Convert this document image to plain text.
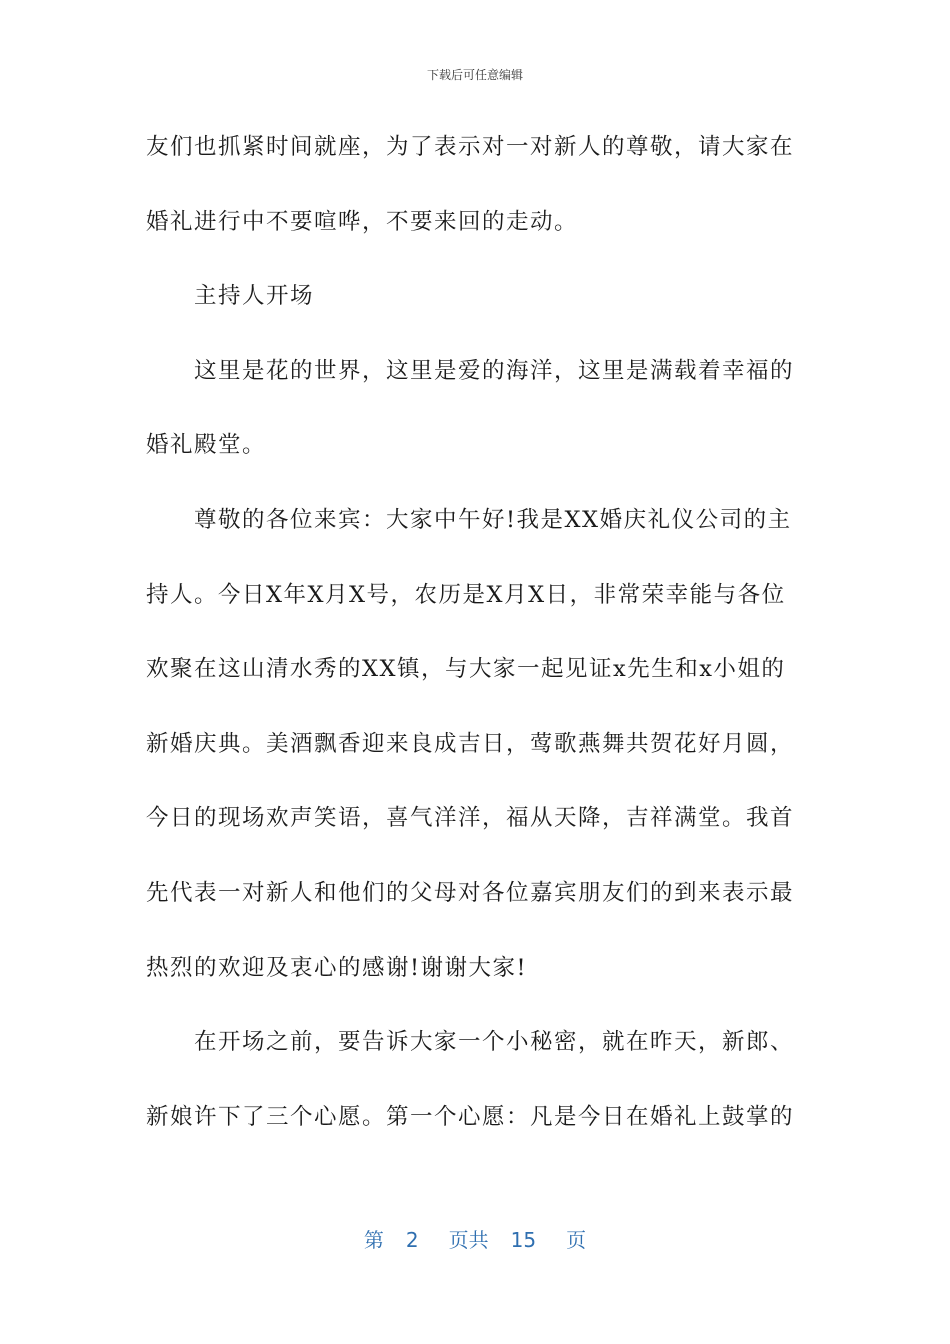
下载后可任意编辑
友们也抓紧时间就座，为了表示对一对新人的尊敬，请大家在
婚礼进行中不要喧哗，不要来回的走动。
主持人开场
这里是花的世界，这里是爱的海洋，这里是满载着幸福的
婚礼殿堂。
尊敬的各位来宾：大家中午好!我是XX婚庆礼仪公司的主
持人。今日X年X月X号，农历是X月X日，非常荣幸能与各位
欢聚在这山清水秀的XX镇，与大家一起见证x先生和x小姐的
新婚庆典。美酒飘香迎来良成吉日，莺歌燕舞共贺花好月圆，
今日的现场欢声笑语，喜气洋洋，福从天降，吉祥满堂。我首
先代表一对新人和他们的父母对各位嘉宾朋友们的到来表示最
热烈的欢迎及衷心的感谢!谢谢大家!
在开场之前，要告诉大家一个小秘密，就在昨天，新郎、
新娘许下了三个心愿。第一个心愿：凡是今日在婚礼上鼓掌的
第 2 页共 15 页
